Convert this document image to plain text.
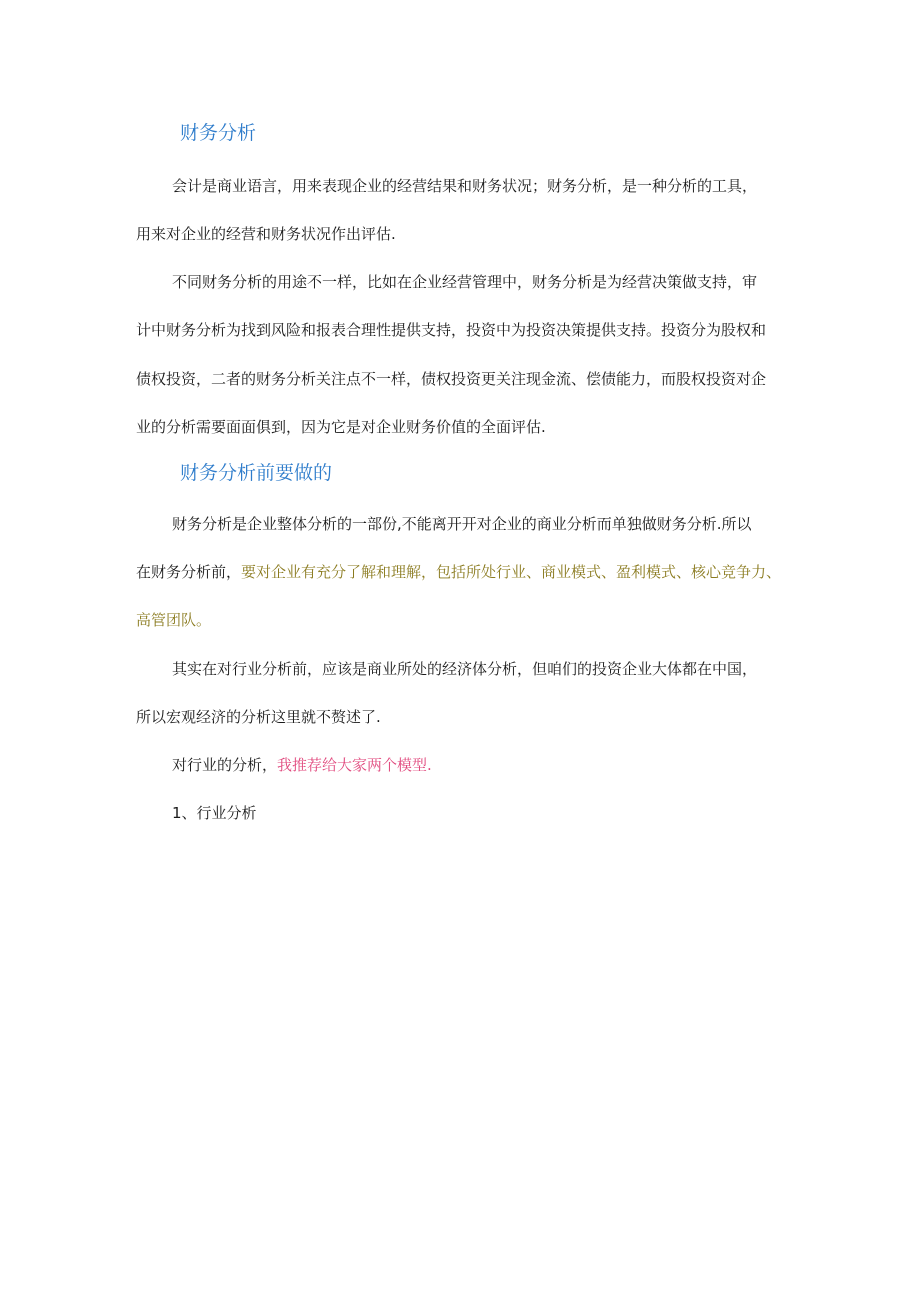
财务分析
会计是商业语言，用来表现企业的经营结果和财务状况；财务分析，是一种分析的工具，
用来对企业的经营和财务状况作出评估.
不同财务分析的用途不一样，比如在企业经营管理中，财务分析是为经营决策做支持，审
计中财务分析为找到风险和报表合理性提供支持，投资中为投资决策提供支持。投资分为股权和
债权投资，二者的财务分析关注点不一样，债权投资更关注现金流、偿债能力，而股权投资对企
业的分析需要面面俱到，因为它是对企业财务价值的全面评估.
财务分析前要做的
财务分析是企业整体分析的一部份,不能离开开对企业的商业分析而单独做财务分析.所以
在财务分析前，要对企业有充分了解和理解，包括所处行业、商业模式、盈利模式、核心竞争力、
高管团队。
其实在对行业分析前，应该是商业所处的经济体分析，但咱们的投资企业大体都在中国，
所以宏观经济的分析这里就不赘述了.
对行业的分析，我推荐给大家两个模型.
1、行业分析
